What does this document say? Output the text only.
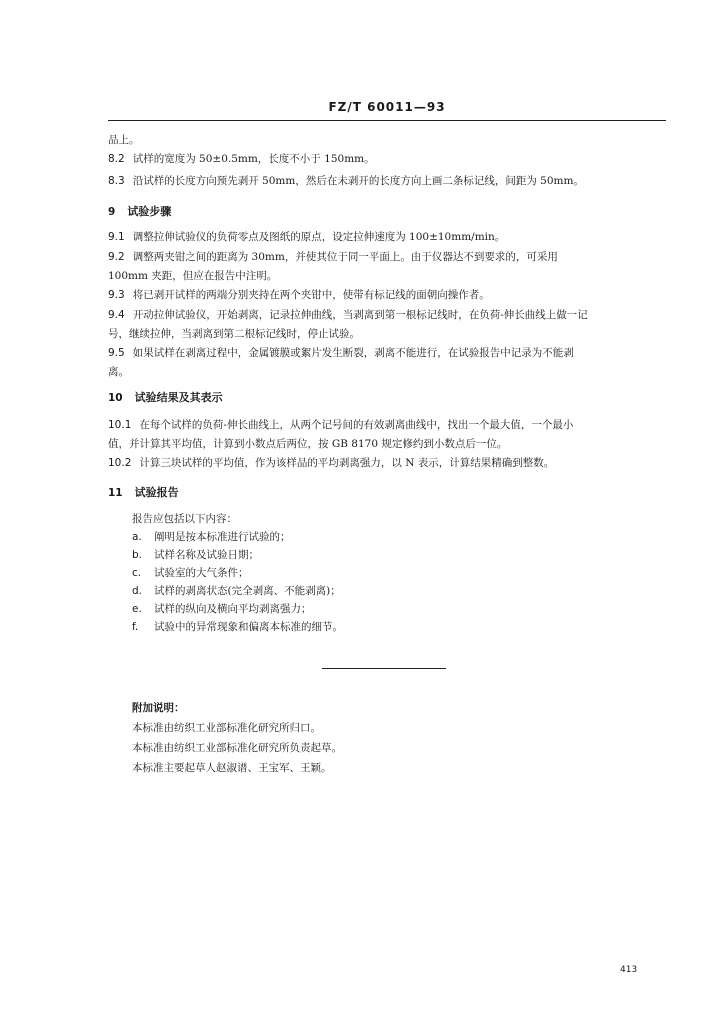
FZ/T 60011—93
品上。
8.2 试样的宽度为 50±0.5mm，长度不小于 150mm。
8.3 沿试样的长度方向预先剥开 50mm，然后在未剥开的长度方向上画二条标记线，间距为 50mm。
9 试验步骤
9.1 调整拉伸试验仪的负荷零点及图纸的原点，设定拉伸速度为 100±10mm/min。
9.2 调整两夹钳之间的距离为 30mm，并使其位于同一平面上。由于仪器达不到要求的，可采用
100mm 夹距，但应在报告中注明。
9.3 将已剥开试样的两端分别夹持在两个夹钳中，使带有标记线的面朝向操作者。
9.4 开动拉伸试验仪，开始剥离，记录拉伸曲线，当剥离到第一根标记线时，在负荷-伸长曲线上做一记
号，继续拉伸，当剥离到第二根标记线时，停止试验。
9.5 如果试样在剥离过程中，金属镀膜或絮片发生断裂，剥离不能进行，在试验报告中记录为不能剥
离。
10 试验结果及其表示
10.1 在每个试样的负荷-伸长曲线上，从两个记号间的有效剥离曲线中，找出一个最大值，一个最小
值，并计算其平均值，计算到小数点后两位，按 GB 8170 规定修约到小数点后一位。
10.2 计算三块试样的平均值，作为该样品的平均剥离强力，以 N 表示，计算结果精确到整数。
11 试验报告
报告应包括以下内容：
a. 阐明是按本标准进行试验的；
b. 试样名称及试验日期；
c. 试验室的大气条件；
d. 试样的剥离状态(完全剥离、不能剥离)；
e. 试样的纵向及横向平均剥离强力；
f. 试验中的异常现象和偏离本标准的细节。
附加说明：
本标准由纺织工业部标准化研究所归口。
本标准由纺织工业部标准化研究所负责起草。
本标准主要起草人赵淑谱、王宝军、王颖。
413
